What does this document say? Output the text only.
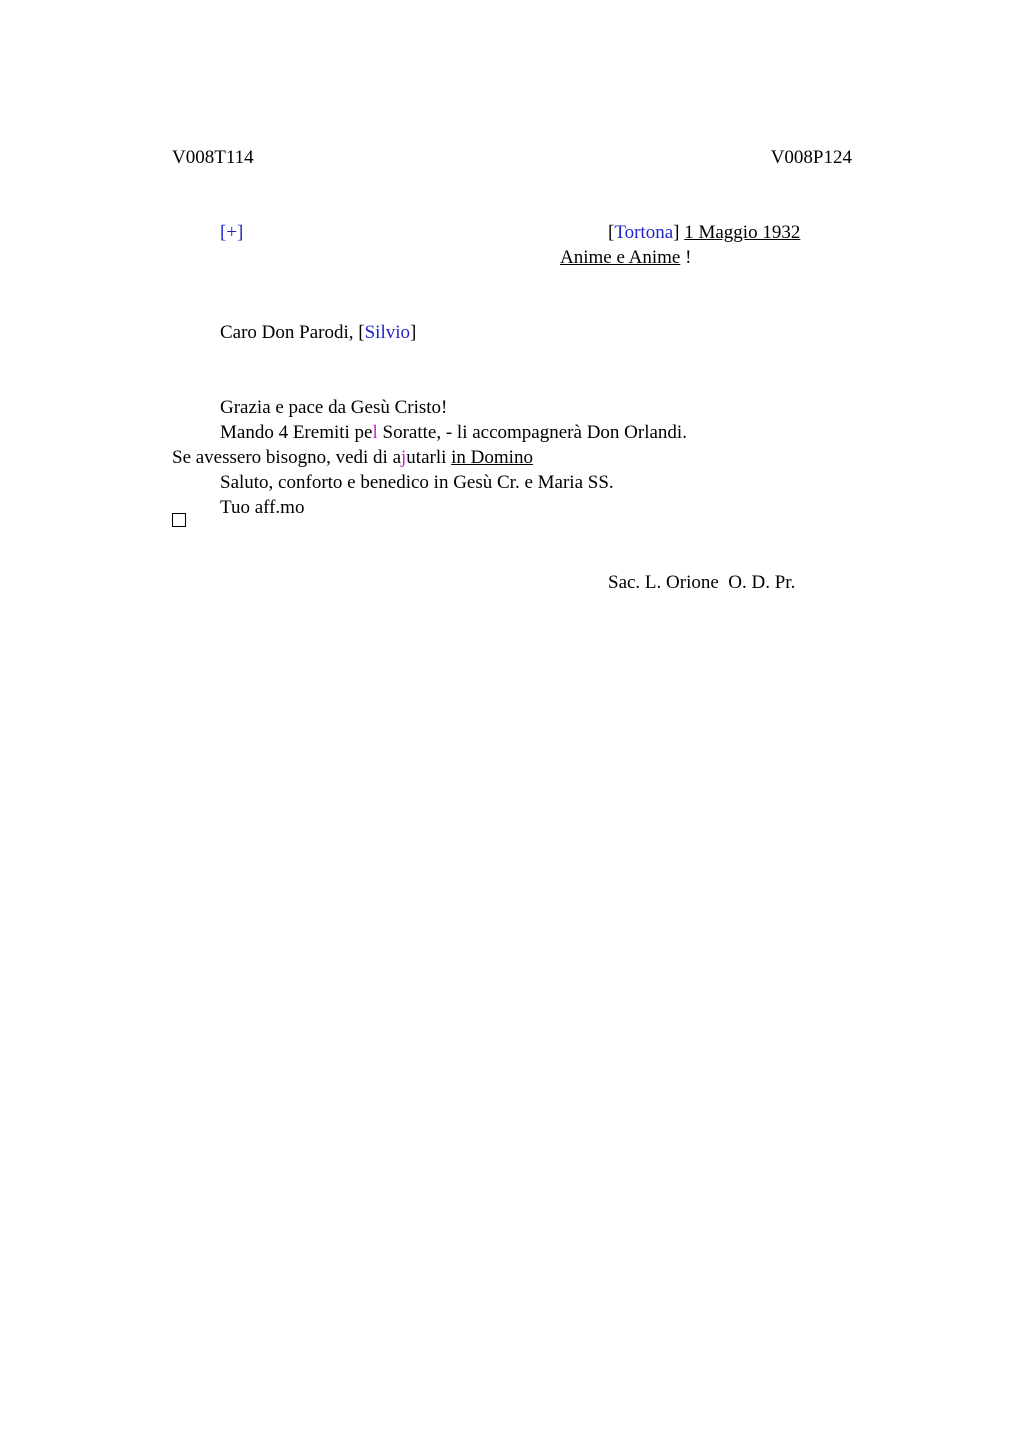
V008T114	V008P124
[+]	[Tortona] 1 Maggio 1932
Anime e Anime !
Caro Don Parodi, [Silvio]
Grazia e pace da Gesù Cristo!
Mando 4 Eremiti pel Soratte, - li accompagnerà Don Orlandi.
Se avessero bisogno, vedi di ajutarli in Domino
Saluto, conforto e benedico in Gesù Cr. e Maria SS.
Tuo aff.mo
Sac. L. Orione  O. D. Pr.
